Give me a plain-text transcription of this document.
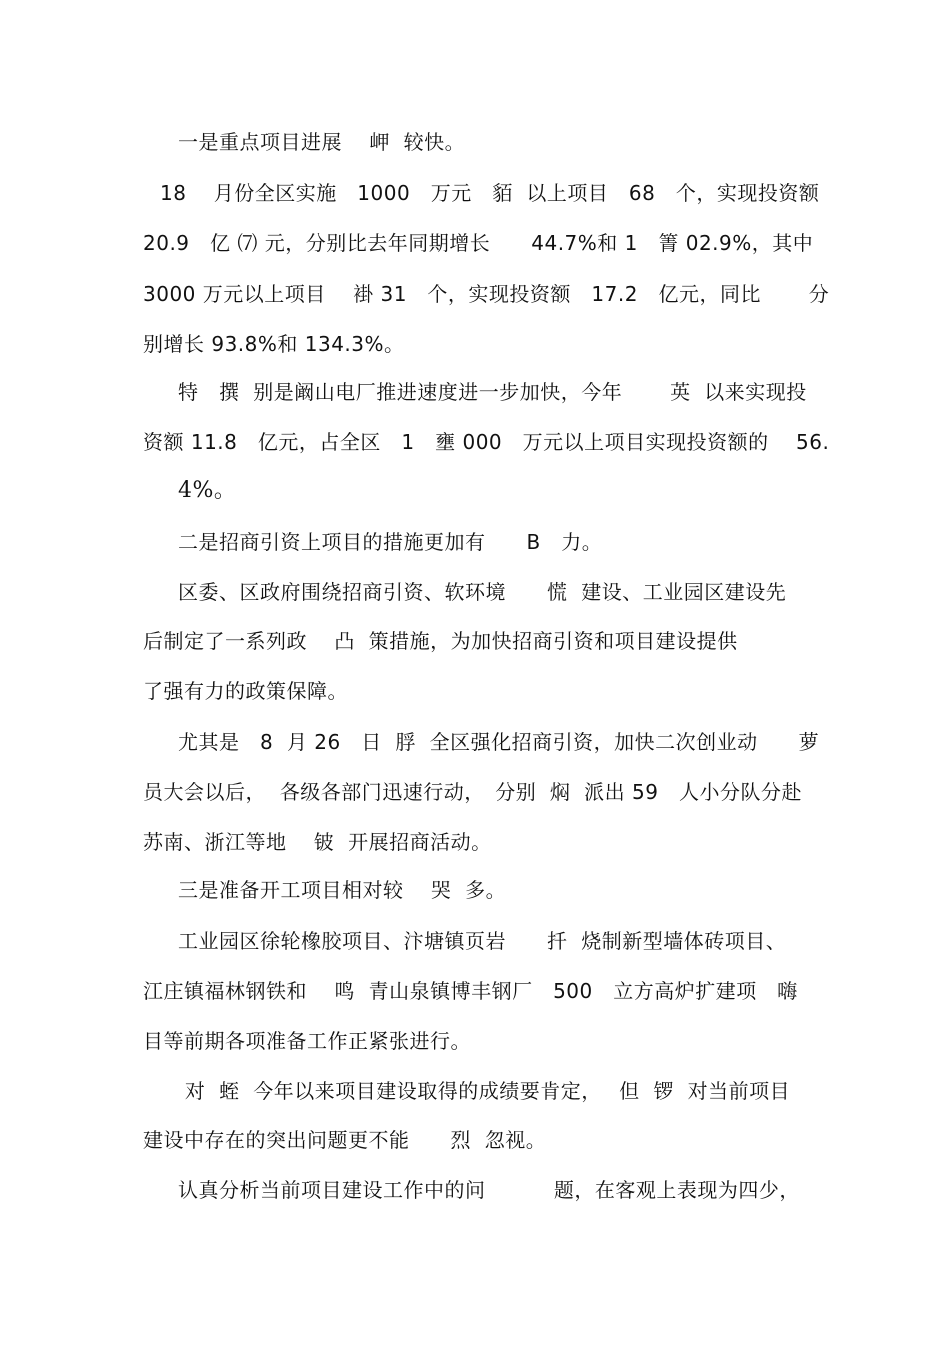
一是重点项目进展　 岬  较快。
18　 月份全区实施　1000　万元　貊  以上项目　68　个，实现投资额
20.9　亿 ⑺ 元，分别比去年同期增长　　44.7%和 1　箐 02.9%，其中
3000 万元以上项目　 褂 31　个，实现投资额　17.2　亿元，同比　　 分
别增长 93.8%和 134.3%。
特　撰  别是阚山电厂推进速度进一步加快，今年　　 英  以来实现投
资额 11.8　亿元，占全区　1　壅 000　万元以上项目实现投资额的　 56.
4%。
二是招商引资上项目的措施更加有　　B　力。
区委、区政府围绕招商引资、软环境　　慌  建设、工业园区建设先
后制定了一系列政　 凸  策措施，为加快招商引资和项目建设提供
了强有力的政策保障。
尤其是　8  月 26　日  脬  全区强化招商引资，加快二次创业动　　萝
员大会以后，  各级各部门迅速行动，　分别  焖  派出 59　人小分队分赴
苏南、浙江等地　 铍  开展招商活动。
三是准备开工项目相对较　 哭  多。
工业园区徐轮橡胶项目、汴塘镇页岩　　扦  烧制新型墙体砖项目、
江庄镇福林钢铁和　 鸣  青山泉镇博丰钢厂　500　立方高炉扩建项　嗨
目等前期各项准备工作正紧张进行。
对  蛭  今年以来项目建设取得的成绩要肯定，　 但  锣  对当前项目
建设中存在的突出问题更不能　　烈  忽视。
认真分析当前项目建设工作中的问　　　 题，在客观上表现为四少，
